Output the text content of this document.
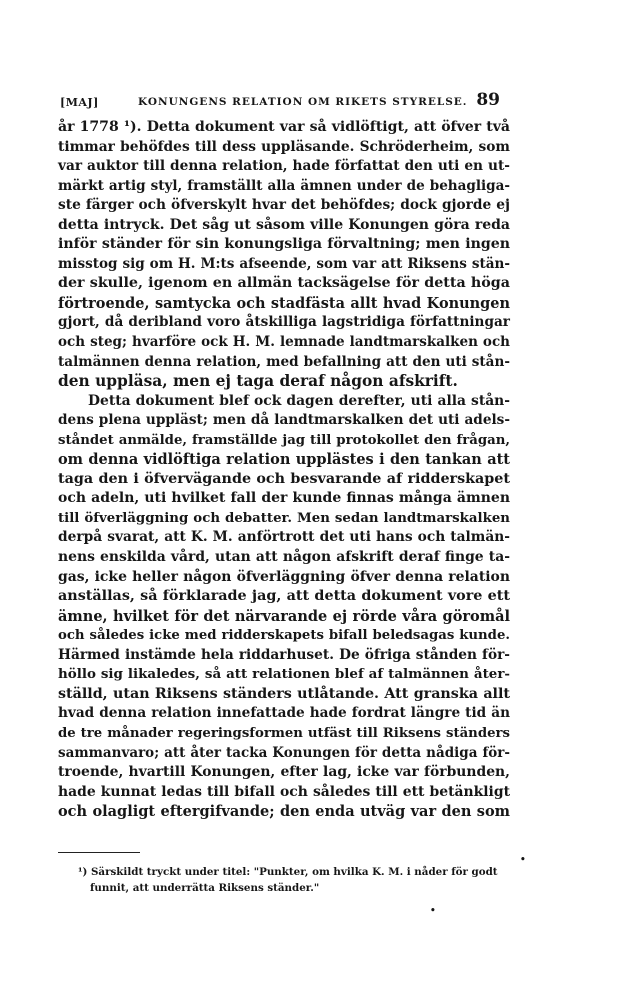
[MAJ]	KONUNGENS RELATION OM RIKETS STYRELSE. 89
år 1778 ¹). Detta dokument var så vidlöftigt, att öfver två
timmar behöfdes till dess uppläsande. Schröderheim, som
var auktor till denna relation, hade författat den uti en ut-
märkt artig styl, framställt alla ämnen under de behagliga-
ste färger och öfverskylt hvar det behöfdes; dock gjorde ej
detta intryck. Det såg ut såsom ville Konungen göra reda
inför ständer för sin konungsliga förvaltning; men ingen
misstog sig om H. M:ts afseende, som var att Riksens stän-
der skulle, igenom en allmän tacksägelse för detta höga
förtroende, samtycka och stadfästa allt hvad Konungen
gjort, då deribland voro åtskilliga lagstridiga författningar
och steg; hvarföre ock H. M. lemnade landtmarskalken och
talmännen denna relation, med befallning att den uti stån-
den uppläsa, men ej taga deraf någon afskrift.
Detta dokument blef ock dagen derefter, uti alla stån-
dens plena uppläst; men då landtmarskalken det uti adels-
ståndet anmälde, framställde jag till protokollet den frågan,
om denna vidlöftiga relation upplästes i den tankan att
taga den i öfvervägande och besvarande af ridderskapet
och adeln, uti hvilket fall der kunde finnas många ämnen
till öfverläggning och debatter. Men sedan landtmarskalken
derpå svarat, att K. M. anförtrott det uti hans och talmän-
nens enskilda vård, utan att någon afskrift deraf finge ta-
gas, icke heller någon öfverläggning öfver denna relation
anställas, så förklarade jag, att detta dokument vore ett
ämne, hvilket för det närvarande ej rörde våra göromål
och således icke med ridderskapets bifall beledsagas kunde.
Härmed instämde hela riddarhuset. De öfriga stånden för-
höllo sig likaledes, så att relationen blef af talmännen åter-
ställd, utan Riksens ständers utlåtande. Att granska allt
hvad denna relation innefattade hade fordrat längre tid än
de tre månader regeringsformen utfäst till Riksens ständers
sammanvaro; att åter tacka Konungen för detta nådiga för-
troende, hvartill Konungen, efter lag, icke var förbunden,
hade kunnat ledas till bifall och således till ett betänkligt
och olagligt eftergifvande; den enda utväg var den som
•
•
¹) Särskildt tryckt under titel: "Punkter, om hvilka K. M. i nåder för godt
funnit, att underrätta Riksens ständer."
